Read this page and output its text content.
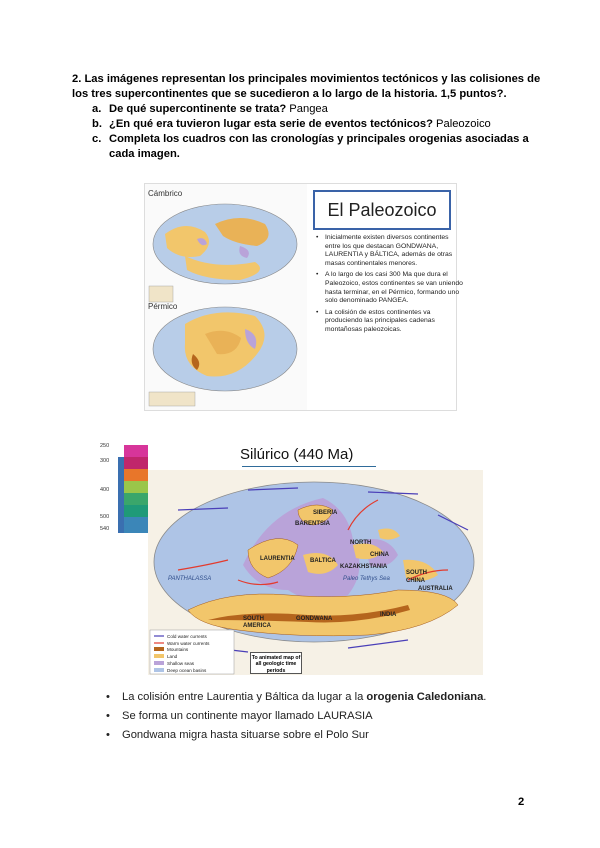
2. Las imágenes representan los principales movimientos tectónicos y las colisiones de los tres supercontinentes que se sucedieron a lo largo de la historia. 1,5 puntos?.
a. De qué supercontinente se trata? Pangea
b. ¿En qué era tuvieron lugar esta serie de eventos tectónicos? Paleozoico
c. Completa los cuadros con las cronologías y principales orogenias asociadas a cada imagen.
Cámbrico
Pérmico
El Paleozoico
• Inicialmente existen diversos continentes entre los que destacan GONDWANA, LAURENTIA y BÁLTICA, además de otras masas continentales menores.
• A lo largo de los casi 300 Ma que dura el Paleozoico, estos continentes se van uniendo hasta terminar, en el Pérmico, formando uno solo denominado PANGEA.
• La colisión de estos continentes va produciendo las principales cadenas montañosas paleozoicas.
Silúrico (440 Ma)
250
300
400
500
540
SIBERIA
BARENTSIA
NORTH
CHINA
LAURENTIA	BALTICA
KAZAKHSTANIA
SOUTH
CHINA
AUSTRALIA
PANTHALASSA	Paleo Tethys Sea
INDIA
SOUTH
AMERICA
GONDWANA
Cold water currents
Warm water currents
Mountains
Land
Shallow seas
Deep ocean basins
To animated map of all geologic time periods
• La colisión entre Laurentia y Báltica da lugar a la orogenia Caledoniana.
• Se forma un continente mayor llamado LAURASIA
• Gondwana migra hasta situarse sobre el Polo Sur
2
